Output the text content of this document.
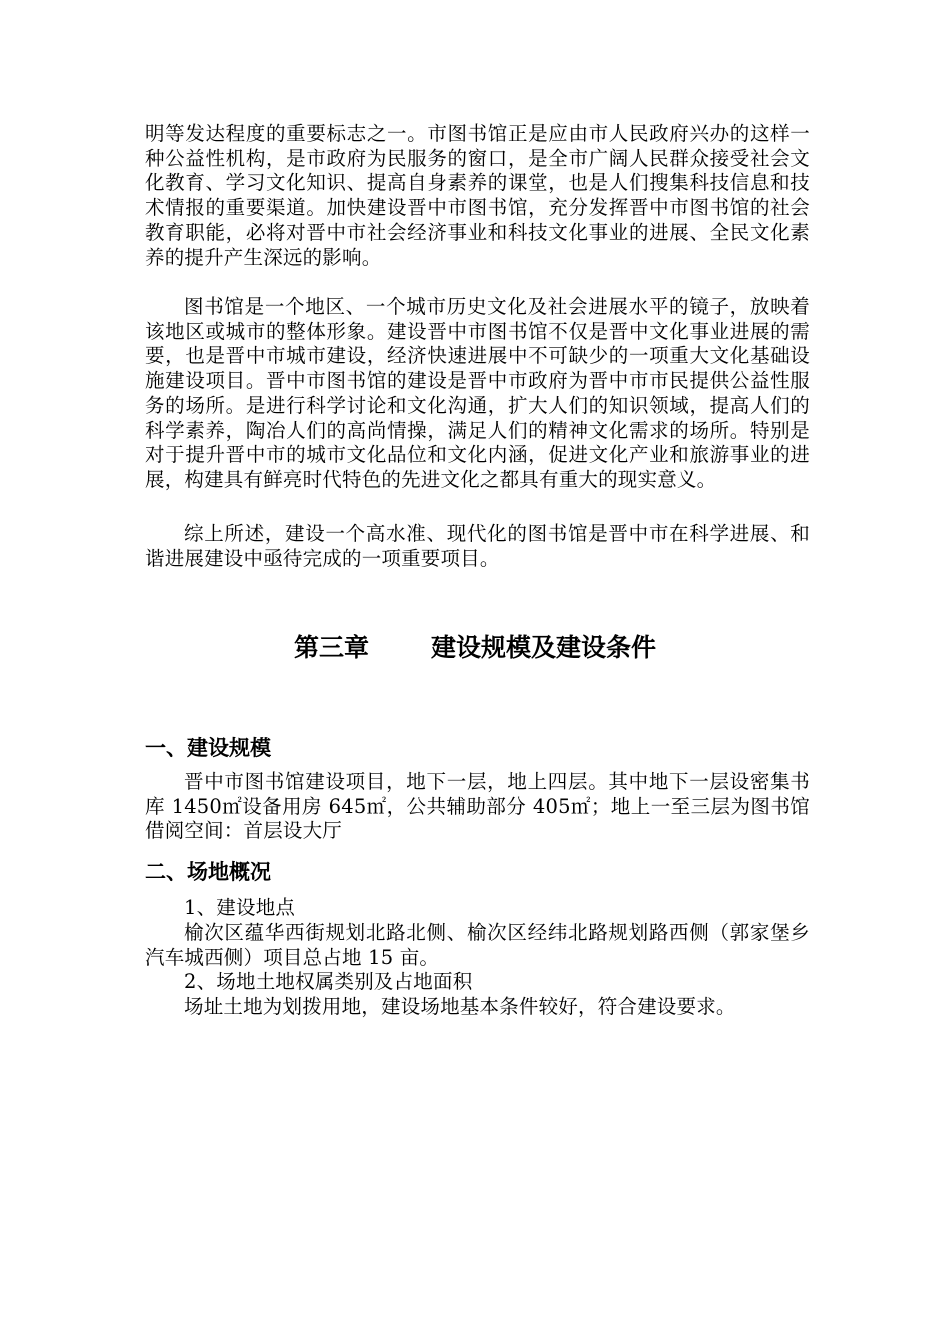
明等发达程度的重要标志之一。市图书馆正是应由市人民政府兴办的这样一种公益性机构，是市政府为民服务的窗口，是全市广阔人民群众接受社会文化教育、学习文化知识、提高自身素养的课堂，也是人们搜集科技信息和技术情报的重要渠道。加快建设晋中市图书馆，充分发挥晋中市图书馆的社会教育职能，必将对晋中市社会经济事业和科技文化事业的进展、全民文化素养的提升产生深远的影响。

图书馆是一个地区、一个城市历史文化及社会进展水平的镜子，放映着该地区或城市的整体形象。建设晋中市图书馆不仅是晋中文化事业进展的需要，也是晋中市城市建设，经济快速进展中不可缺少的一项重大文化基础设施建设项目。晋中市图书馆的建设是晋中市政府为晋中市市民提供公益性服务的场所。是进行科学讨论和文化沟通，扩大人们的知识领域，提高人们的科学素养，陶冶人们的高尚情操，满足人们的精神文化需求的场所。特别是对于提升晋中市的城市文化品位和文化内涵，促进文化产业和旅游事业的进展，构建具有鲜亮时代特色的先进文化之都具有重大的现实意义。

综上所述，建设一个高水准、现代化的图书馆是晋中市在科学进展、和谐进展建设中亟待完成的一项重要项目。

第三章 建设规模及建设条件
一、建设规模

晋中市图书馆建设项目，地下一层，地上四层。其中地下一层设密集书库 1450㎡设备用房 645㎡，公共辅助部分 405㎡；地上一至三层为图书馆借阅空间：首层设大厅

二、场地概况

1、建设地点

榆次区蕴华西街规划北路北侧、榆次区经纬北路规划路西侧（郭家堡乡汽车城西侧）项目总占地 15 亩。

2、场地土地权属类别及占地面积

场址土地为划拨用地，建设场地基本条件较好，符合建设要求。
